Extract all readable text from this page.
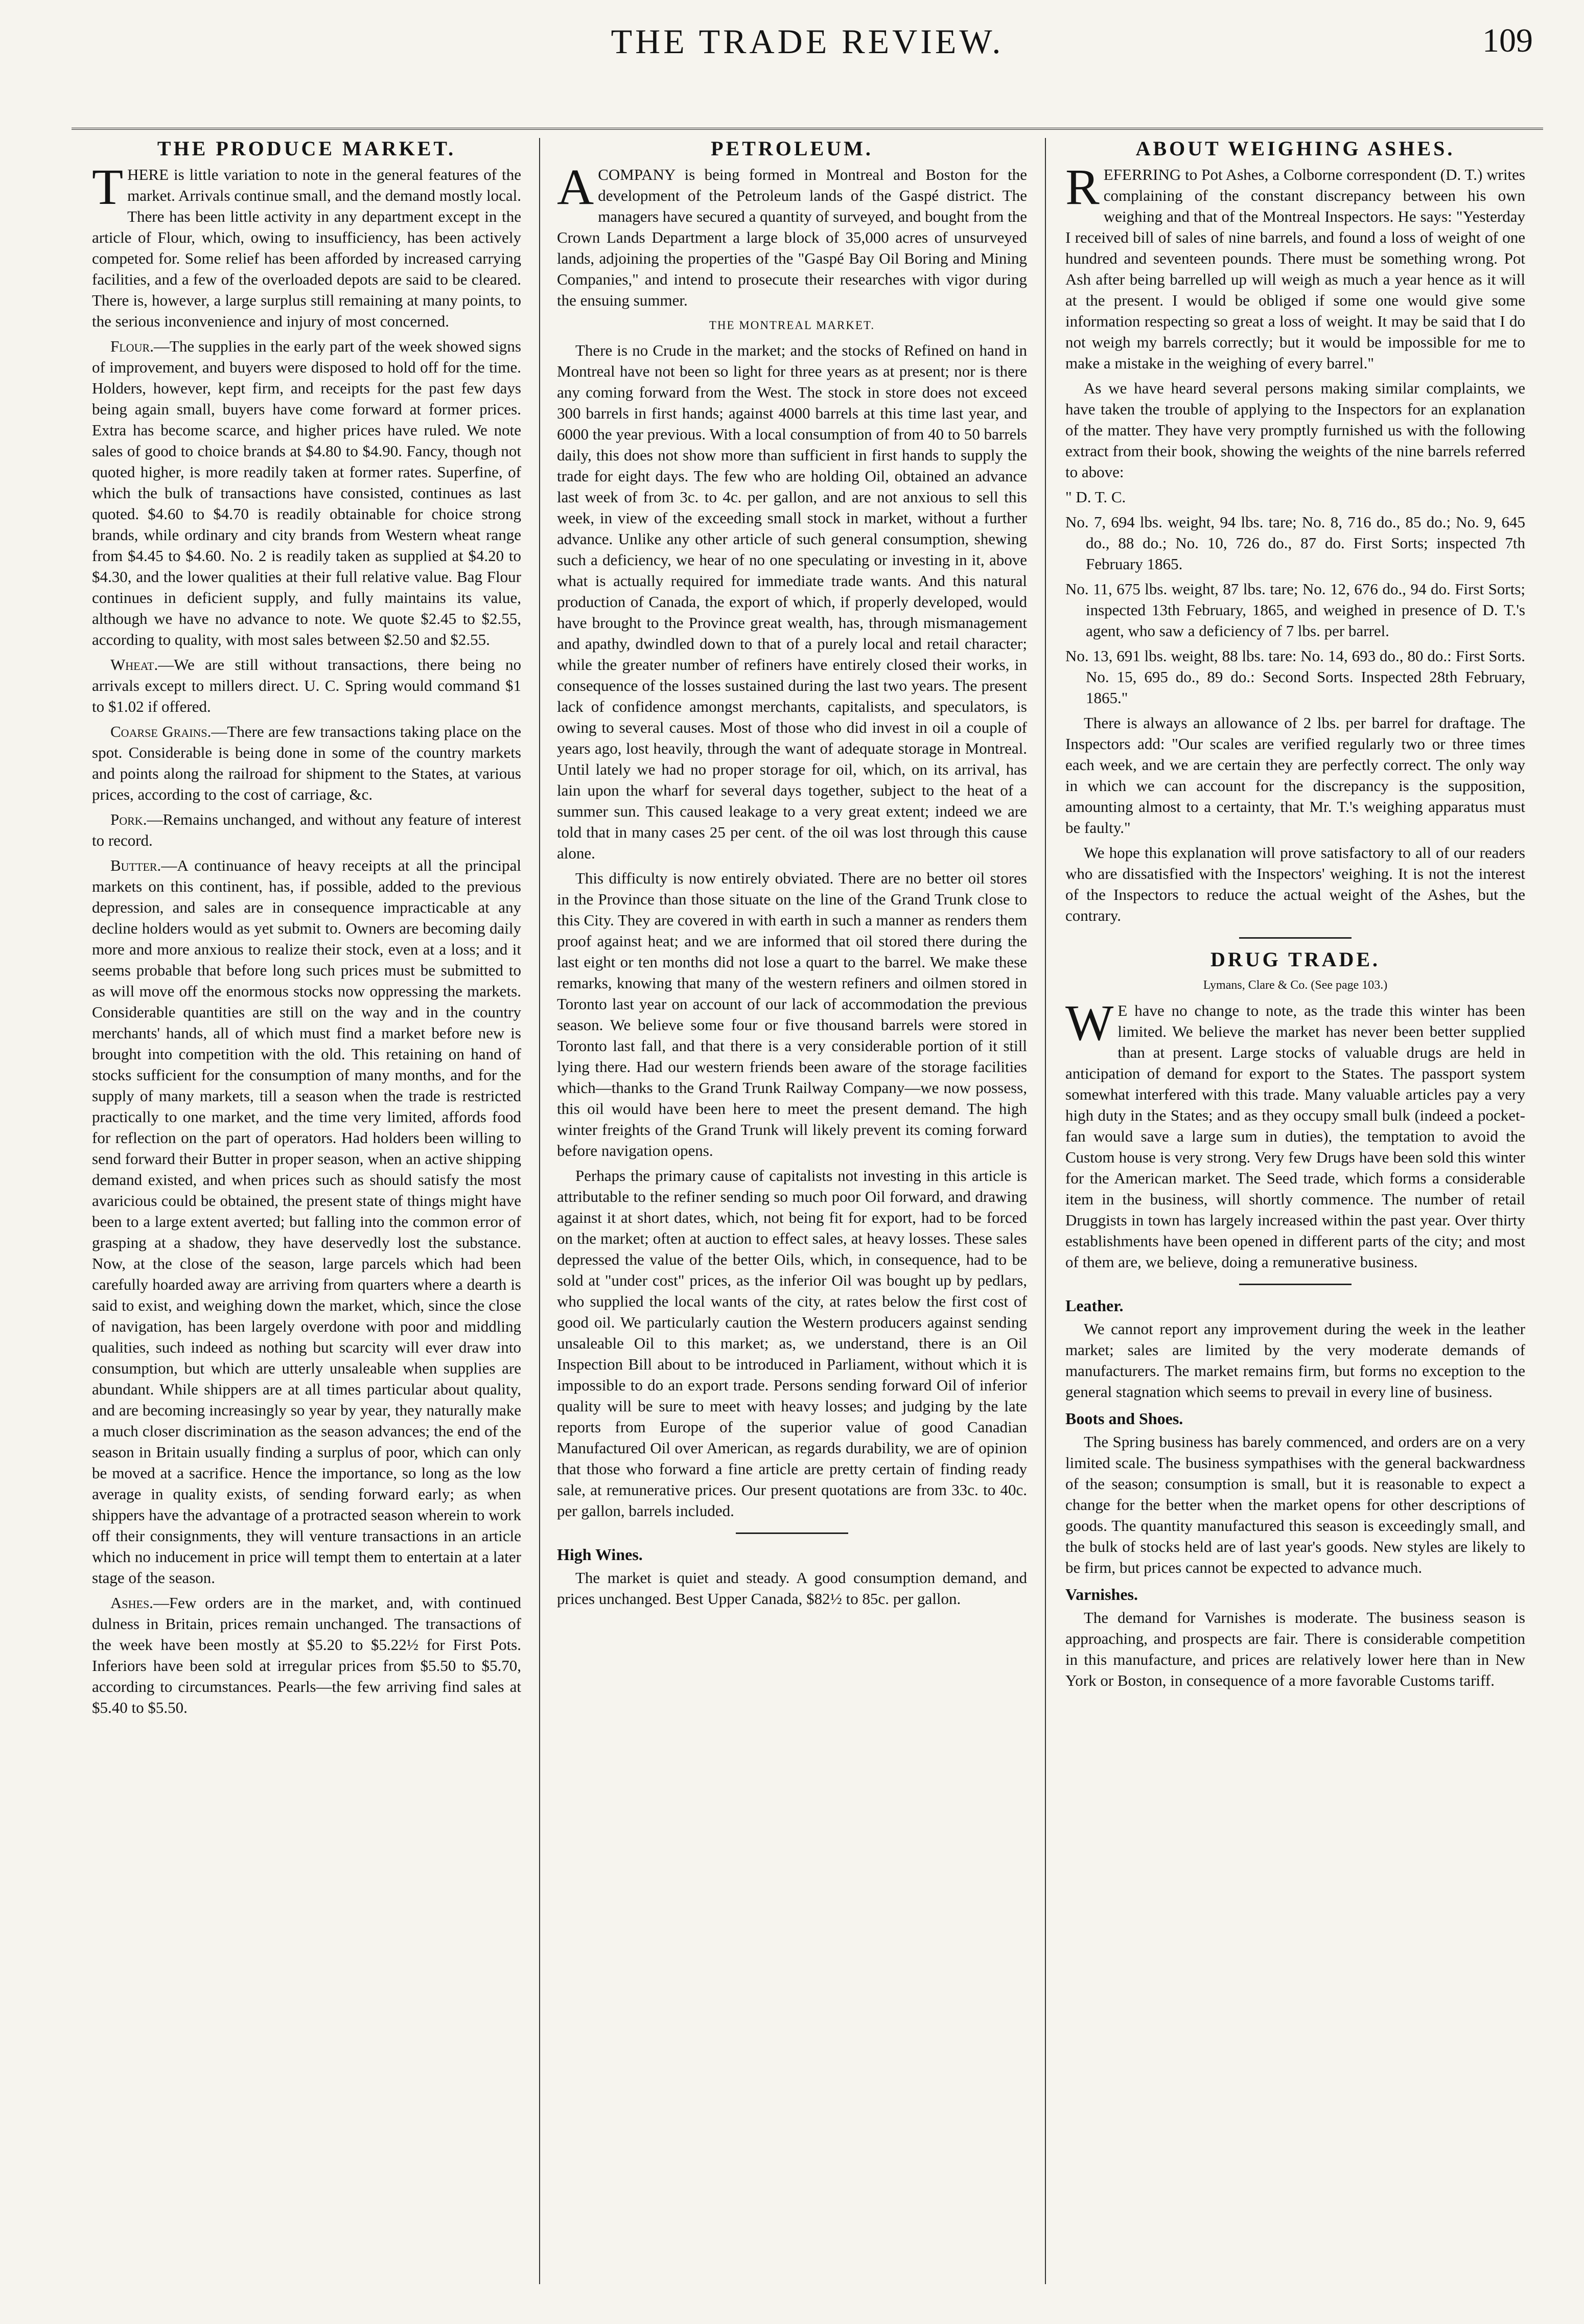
THE TRADE REVIEW.	109
THE PRODUCE MARKET.

THERE is little variation to note in the general features of the market. Arrivals continue small, and the demand mostly local. There has been little activity in any department except in the article of Flour, which, owing to insufficiency, has been actively competed for. Some relief has been afforded by increased carrying facilities, and a few of the overloaded depots are said to be cleared. There is, however, a large surplus still remaining at many points, to the serious inconvenience and injury of most concerned.

Flour.—The supplies in the early part of the week showed signs of improvement, and buyers were disposed to hold off for the time. Holders, however, kept firm, and receipts for the past few days being again small, buyers have come forward at former prices. Extra has become scarce, and higher prices have ruled. We note sales of good to choice brands at $4.80 to $4.90. Fancy, though not quoted higher, is more readily taken at former rates. Superfine, of which the bulk of transactions have consisted, continues as last quoted. $4.60 to $4.70 is readily obtainable for choice strong brands, while ordinary and city brands from Western wheat range from $4.45 to $4.60. No. 2 is readily taken as supplied at $4.20 to $4.30, and the lower qualities at their full relative value. Bag Flour continues in deficient supply, and fully maintains its value, although we have no advance to note. We quote $2.45 to $2.55, according to quality, with most sales between $2.50 and $2.55.

Wheat.—We are still without transactions, there being no arrivals except to millers direct. U. C. Spring would command $1 to $1.02 if offered.

Coarse Grains.—There are few transactions taking place on the spot. Considerable is being done in some of the country markets and points along the railroad for shipment to the States, at various prices, according to the cost of carriage, &c.

Pork.—Remains unchanged, and without any feature of interest to record.

Butter.—A continuance of heavy receipts at all the principal markets on this continent, has, if possible, added to the previous depression, and sales are in consequence impracticable at any decline holders would as yet submit to. Owners are becoming daily more and more anxious to realize their stock, even at a loss; and it seems probable that before long such prices must be submitted to as will move off the enormous stocks now oppressing the markets. Considerable quantities are still on the way and in the country merchants' hands, all of which must find a market before new is brought into competition with the old. This retaining on hand of stocks sufficient for the consumption of many months, and for the supply of many markets, till a season when the trade is restricted practically to one market, and the time very limited, affords food for reflection on the part of operators. Had holders been willing to send forward their Butter in proper season, when an active shipping demand existed, and when prices such as should satisfy the most avaricious could be obtained, the present state of things might have been to a large extent averted; but falling into the common error of grasping at a shadow, they have deservedly lost the substance. Now, at the close of the season, large parcels which had been carefully hoarded away are arriving from quarters where a dearth is said to exist, and weighing down the market, which, since the close of navigation, has been largely overdone with poor and middling qualities, such indeed as nothing but scarcity will ever draw into consumption, but which are utterly unsaleable when supplies are abundant. While shippers are at all times particular about quality, and are becoming increasingly so year by year, they naturally make a much closer discrimination as the season advances; the end of the season in Britain usually finding a surplus of poor, which can only be moved at a sacrifice. Hence the importance, so long as the low average in quality exists, of sending forward early; as when shippers have the advantage of a protracted season wherein to work off their consignments, they will venture transactions in an article which no inducement in price will tempt them to entertain at a later stage of the season.

Ashes.—Few orders are in the market, and, with continued dulness in Britain, prices remain unchanged. The transactions of the week have been mostly at $5.20 to $5.22½ for First Pots. Inferiors have been sold at irregular prices from $5.50 to $5.70, according to circumstances. Pearls—the few arriving find sales at $5.40 to $5.50.

PETROLEUM.

ACOMPANY is being formed in Montreal and Boston for the development of the Petroleum lands of the Gaspé district. The managers have secured a quantity of surveyed, and bought from the Crown Lands Department a large block of 35,000 acres of unsurveyed lands, adjoining the properties of the "Gaspé Bay Oil Boring and Mining Companies," and intend to prosecute their researches with vigor during the ensuing summer.

THE MONTREAL MARKET.

There is no Crude in the market; and the stocks of Refined on hand in Montreal have not been so light for three years as at present; nor is there any coming forward from the West. The stock in store does not exceed 300 barrels in first hands; against 4000 barrels at this time last year, and 6000 the year previous. With a local consumption of from 40 to 50 barrels daily, this does not show more than sufficient in first hands to supply the trade for eight days. The few who are holding Oil, obtained an advance last week of from 3c. to 4c. per gallon, and are not anxious to sell this week, in view of the exceeding small stock in market, without a further advance. Unlike any other article of such general consumption, shewing such a deficiency, we hear of no one speculating or investing in it, above what is actually required for immediate trade wants. And this natural production of Canada, the export of which, if properly developed, would have brought to the Province great wealth, has, through mismanagement and apathy, dwindled down to that of a purely local and retail character; while the greater number of refiners have entirely closed their works, in consequence of the losses sustained during the last two years. The present lack of confidence amongst merchants, capitalists, and speculators, is owing to several causes. Most of those who did invest in oil a couple of years ago, lost heavily, through the want of adequate storage in Montreal. Until lately we had no proper storage for oil, which, on its arrival, has lain upon the wharf for several days together, subject to the heat of a summer sun. This caused leakage to a very great extent; indeed we are told that in many cases 25 per cent. of the oil was lost through this cause alone.

This difficulty is now entirely obviated. There are no better oil stores in the Province than those situate on the line of the Grand Trunk close to this City. They are covered in with earth in such a manner as renders them proof against heat; and we are informed that oil stored there during the last eight or ten months did not lose a quart to the barrel. We make these remarks, knowing that many of the western refiners and oilmen stored in Toronto last year on account of our lack of accommodation the previous season. We believe some four or five thousand barrels were stored in Toronto last fall, and that there is a very considerable portion of it still lying there. Had our western friends been aware of the storage facilities which—thanks to the Grand Trunk Railway Company—we now possess, this oil would have been here to meet the present demand. The high winter freights of the Grand Trunk will likely prevent its coming forward before navigation opens.

Perhaps the primary cause of capitalists not investing in this article is attributable to the refiner sending so much poor Oil forward, and drawing against it at short dates, which, not being fit for export, had to be forced on the market; often at auction to effect sales, at heavy losses. These sales depressed the value of the better Oils, which, in consequence, had to be sold at "under cost" prices, as the inferior Oil was bought up by pedlars, who supplied the local wants of the city, at rates below the first cost of good oil. We particularly caution the Western producers against sending unsaleable Oil to this market; as, we understand, there is an Oil Inspection Bill about to be introduced in Parliament, without which it is impossible to do an export trade. Persons sending forward Oil of inferior quality will be sure to meet with heavy losses; and judging by the late reports from Europe of the superior value of good Canadian Manufactured Oil over American, as regards durability, we are of opinion that those who forward a fine article are pretty certain of finding ready sale, at remunerative prices. Our present quotations are from 33c. to 40c. per gallon, barrels included.

High Wines.

The market is quiet and steady. A good consumption demand, and prices unchanged. Best Upper Canada, $82½ to 85c. per gallon.

ABOUT WEIGHING ASHES.

REFERRING to Pot Ashes, a Colborne correspondent (D. T.) writes complaining of the constant discrepancy between his own weighing and that of the Montreal Inspectors. He says: "Yesterday I received bill of sales of nine barrels, and found a loss of weight of one hundred and seventeen pounds. There must be something wrong. Pot Ash after being barrelled up will weigh as much a year hence as it will at the present. I would be obliged if some one would give some information respecting so great a loss of weight. It may be said that I do not weigh my barrels correctly; but it would be impossible for me to make a mistake in the weighing of every barrel."

As we have heard several persons making similar complaints, we have taken the trouble of applying to the Inspectors for an explanation of the matter. They have very promptly furnished us with the following extract from their book, showing the weights of the nine barrels referred to above:

" D. T. C.

No. 7, 694 lbs. weight, 94 lbs. tare; No. 8, 716 do., 85 do.; No. 9, 645 do., 88 do.; No. 10, 726 do., 87 do. First Sorts; inspected 7th February 1865.

No. 11, 675 lbs. weight, 87 lbs. tare; No. 12, 676 do., 94 do. First Sorts; inspected 13th February, 1865, and weighed in presence of D. T.'s agent, who saw a deficiency of 7 lbs. per barrel.

No. 13, 691 lbs. weight, 88 lbs. tare: No. 14, 693 do., 80 do.: First Sorts. No. 15, 695 do., 89 do.: Second Sorts. Inspected 28th February, 1865."

There is always an allowance of 2 lbs. per barrel for draftage. The Inspectors add: "Our scales are verified regularly two or three times each week, and we are certain they are perfectly correct. The only way in which we can account for the discrepancy is the supposition, amounting almost to a certainty, that Mr. T.'s weighing apparatus must be faulty."

We hope this explanation will prove satisfactory to all of our readers who are dissatisfied with the Inspectors' weighing. It is not the interest of the Inspectors to reduce the actual weight of the Ashes, but the contrary.

DRUG TRADE.
Lymans, Clare & Co. (See page 103.)

W E have no change to note, as the trade this winter has been limited. We believe the market has never been better supplied than at present. Large stocks of valuable drugs are held in anticipation of demand for export to the States. The passport system somewhat interfered with this trade. Many valuable articles pay a very high duty in the States; and as they occupy small bulk (indeed a pocket-fan would save a large sum in duties), the temptation to avoid the Custom house is very strong. Very few Drugs have been sold this winter for the American market. The Seed trade, which forms a considerable item in the business, will shortly commence. The number of retail Druggists in town has largely increased within the past year. Over thirty establishments have been opened in different parts of the city; and most of them are, we believe, doing a remunerative business.

Leather.

We cannot report any improvement during the week in the leather market; sales are limited by the very moderate demands of manufacturers. The market remains firm, but forms no exception to the general stagnation which seems to prevail in every line of business.

Boots and Shoes.

The Spring business has barely commenced, and orders are on a very limited scale. The business sympathises with the general backwardness of the season; consumption is small, but it is reasonable to expect a change for the better when the market opens for other descriptions of goods. The quantity manufactured this season is exceedingly small, and the bulk of stocks held are of last year's goods. New styles are likely to be firm, but prices cannot be expected to advance much.

Varnishes.

The demand for Varnishes is moderate. The business season is approaching, and prospects are fair. There is considerable competition in this manufacture, and prices are relatively lower here than in New York or Boston, in consequence of a more favorable Customs tariff.
